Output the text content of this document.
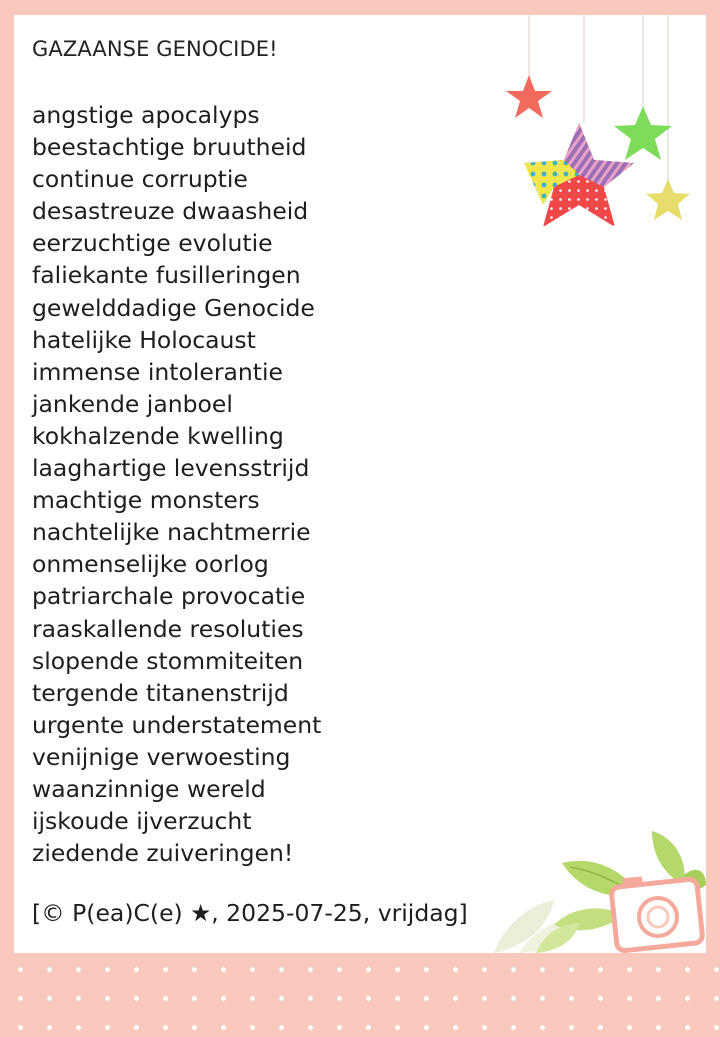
GAZAANSE GENOCIDE!
angstige apocalyps
beestachtige bruutheid
continue corruptie
desastreuze dwaasheid
eerzuchtige evolutie
faliekante fusilleringen
gewelddadige Genocide
hatelijke Holocaust
immense intolerantie
jankende janboel
kokhalzende kwelling
laaghartige levensstrijd
machtige monsters
nachtelijke nachtmerrie
onmenselijke oorlog
patriarchale provocatie
raaskallende resoluties
slopende stommiteiten
tergende titanenstrijd
urgente understatement
venijnige verwoesting
waanzinnige wereld
ijskoude ijverzucht
ziedende zuiveringen!
[© P(ea)C(e) ★, 2025-07-25, vrijdag]
